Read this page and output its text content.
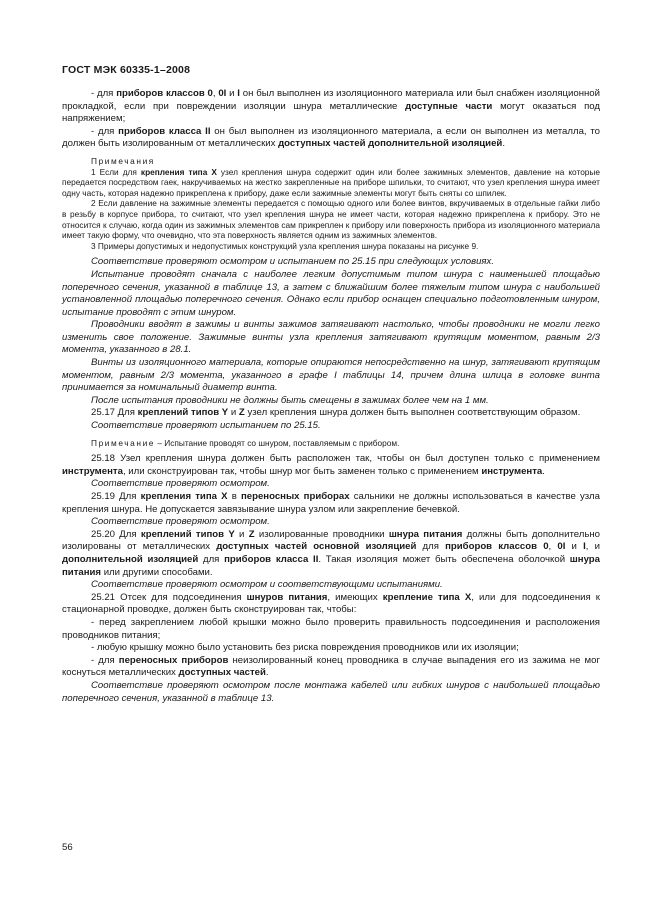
ГОСТ МЭК 60335-1–2008

- для приборов классов 0, 0I и I он был выполнен из изоляционного материала или был снабжен изоляционной прокладкой, если при повреждении изоляции шнура металлические доступные части могут оказаться под напряжением;

- для приборов класса II он был выполнен из изоляционного материала, а если он выполнен из металла, то должен быть изолированным от металлических доступных частей дополнительной изоляцией.

Примечания

1 Если для крепления типа X узел крепления шнура содержит один или более зажимных элементов, давление на которые передается посредством гаек, накручиваемых на жестко закрепленные на приборе шпильки, то считают, что узел крепления шнура имеет одну часть, которая надежно прикреплена к прибору, даже если зажимные элементы могут быть сняты со шпилек.

2 Если давление на зажимные элементы передается с помощью одного или более винтов, вкручиваемых в отдельные гайки либо в резьбу в корпусе прибора, то считают, что узел крепления шнура не имеет части, которая надежно прикреплена к прибору. Это не относится к случаю, когда один из зажимных элементов сам прикреплен к прибору или поверхность прибора из изоляционного материала имеет такую форму, что очевидно, что эта поверхность является одним из зажимных элементов.

3 Примеры допустимых и недопустимых конструкций узла крепления шнура показаны на рисунке 9.

Соответствие проверяют осмотром и испытанием по 25.15 при следующих условиях.

Испытание проводят сначала с наиболее легким допустимым типом шнура с наименьшей площадью поперечного сечения, указанной в таблице 13, а затем с ближайшим более тяжелым типом шнура с наибольшей установленной площадью поперечного сечения. Однако если прибор оснащен специально подготовленным шнуром, испытание проводят с этим шнуром.

Проводники вводят в зажимы и винты зажимов затягивают настолько, чтобы проводники не могли легко изменить свое положение. Зажимные винты узла крепления затягивают крутящим моментом, равным 2/3 момента, указанного в 28.1.

Винты из изоляционного материала, которые опираются непосредственно на шнур, затягивают крутящим моментом, равным 2/3 момента, указанного в графе I таблицы 14, причем длина шлица в головке винта принимается за номинальный диаметр винта.

После испытания проводники не должны быть смещены в зажимах более чем на 1 мм.

25.17 Для креплений типов Y и Z узел крепления шнура должен быть выполнен соответствующим образом.

Соответствие проверяют испытанием по 25.15.

Примечание – Испытание проводят со шнуром, поставляемым с прибором.

25.18 Узел крепления шнура должен быть расположен так, чтобы он был доступен только с применением инструмента, или сконструирован так, чтобы шнур мог быть заменен только с применением инструмента.

Соответствие проверяют осмотром.

25.19 Для крепления типа X в переносных приборах сальники не должны использоваться в качестве узла крепления шнура. Не допускается завязывание шнура узлом или закрепление бечевкой.

Соответствие проверяют осмотром.

25.20 Для креплений типов Y и Z изолированные проводники шнура питания должны быть дополнительно изолированы от металлических доступных частей основной изоляцией для приборов классов 0, 0I и I, и дополнительной изоляцией для приборов класса II. Такая изоляция может быть обеспечена оболочкой шнура питания или другими способами.

Соответствие проверяют осмотром и соответствующими испытаниями.

25.21 Отсек для подсоединения шнуров питания, имеющих крепление типа X, или для подсоединения к стационарной проводке, должен быть сконструирован так, чтобы:

- перед закреплением любой крышки можно было проверить правильность подсоединения и расположения проводников питания;

- любую крышку можно было установить без риска повреждения проводников или их изоляции;

- для переносных приборов неизолированный конец проводника в случае выпадения его из зажима не мог коснуться металлических доступных частей.

Соответствие проверяют осмотром после монтажа кабелей или гибких шнуров с наибольшей площадью поперечного сечения, указанной в таблице 13.

56
